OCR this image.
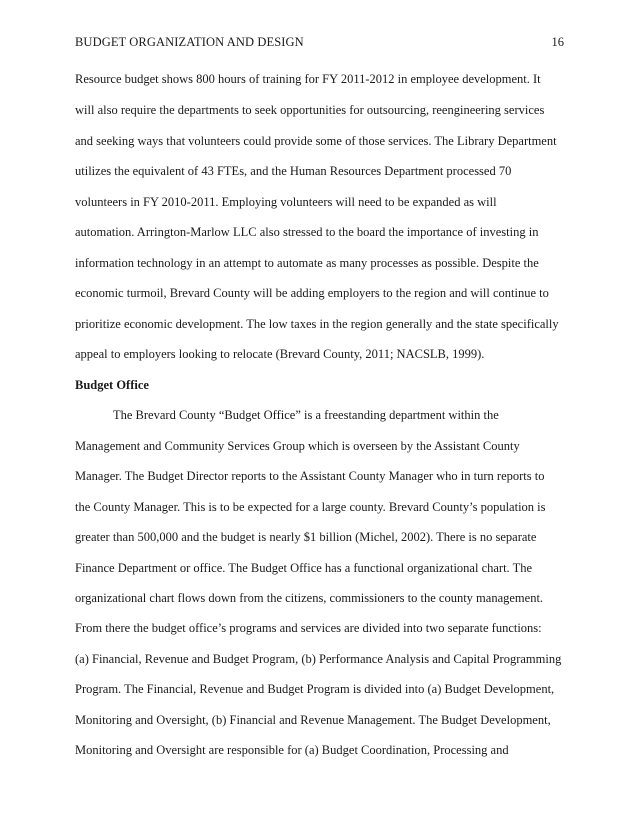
BUDGET ORGANIZATION AND DESIGN	16
Resource budget shows 800 hours of training for FY 2011-2012 in employee development. It
will also require the departments to seek opportunities for outsourcing, reengineering services
and seeking ways that volunteers could provide some of those services. The Library Department
utilizes the equivalent of 43 FTEs, and the Human Resources Department processed 70
volunteers in FY 2010-2011. Employing volunteers will need to be expanded as will
automation. Arrington-Marlow LLC also stressed to the board the importance of investing in
information technology in an attempt to automate as many processes as possible. Despite the
economic turmoil, Brevard County will be adding employers to the region and will continue to
prioritize economic development. The low taxes in the region generally and the state specifically
appeal to employers looking to relocate (Brevard County, 2011; NACSLB, 1999).
Budget Office
The Brevard County “Budget Office” is a freestanding department within the
Management and Community Services Group which is overseen by the Assistant County
Manager. The Budget Director reports to the Assistant County Manager who in turn reports to
the County Manager. This is to be expected for a large county. Brevard County’s population is
greater than 500,000 and the budget is nearly $1 billion (Michel, 2002). There is no separate
Finance Department or office. The Budget Office has a functional organizational chart. The
organizational chart flows down from the citizens, commissioners to the county management.
From there the budget office’s programs and services are divided into two separate functions:
(a) Financial, Revenue and Budget Program, (b) Performance Analysis and Capital Programming
Program. The Financial, Revenue and Budget Program is divided into (a) Budget Development,
Monitoring and Oversight, (b) Financial and Revenue Management. The Budget Development,
Monitoring and Oversight are responsible for (a) Budget Coordination, Processing and
